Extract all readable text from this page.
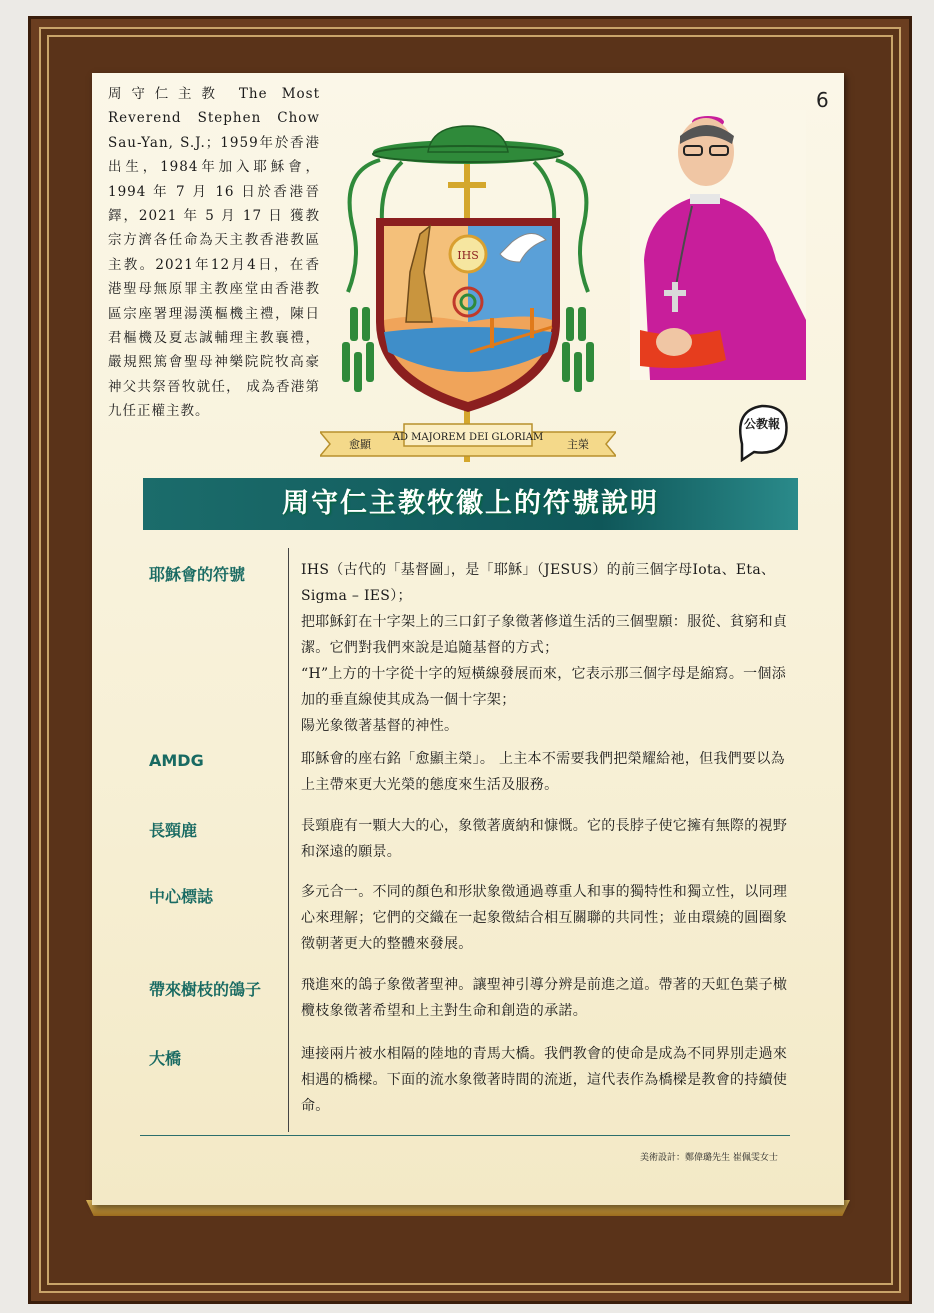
6
周守仁主教 The Most Reverend Stephen Chow Sau-Yan, S.J.；1959年於香港出生，1984年加入耶穌會，1994 年 7 月 16 日於香港晉鐸，2021 年 5 月 17 日 獲教宗方濟各任命為天主教香港教區主教。2021年12月4日，在香港聖母無原罪主教座堂由香港教區宗座署理湯漢樞機主禮，陳日君樞機及夏志誠輔理主教襄禮，嚴規熙篤會聖母神樂院院牧高豪神父共祭晉牧就任， 成為香港第九任正權主教。
IHS
AD MAJOREM DEI GLORIAM
愈顯	主榮
公教報
周守仁主教牧徽上的符號說明
耶穌會的符號	IHS（古代的「基督圖」，是「耶穌」（JESUS）的前三個字母Iota、Eta、Sigma – IES）；

把耶穌釘在十字架上的三口釘子象徵著修道生活的三個聖願：服從、貧窮和貞潔。它們對我們來說是追隨基督的方式；

“H”上方的十字從十字的短橫線發展而來，它表示那三個字母是縮寫。一個添加的垂直線使其成為一個十字架；

陽光象徵著基督的神性。

AMDG	耶穌會的座右銘「愈顯主榮」。 上主本不需要我們把榮耀給祂，但我們要以為上主帶來更大光榮的態度來生活及服務。

長頸鹿	長頸鹿有一顆大大的心，象徵著廣納和慷慨。它的長脖子使它擁有無際的視野和深遠的願景。

中心標誌	多元合一。不同的顏色和形狀象徵通過尊重人和事的獨特性和獨立性，以同理心來理解；它們的交織在一起象徵結合相互關聯的共同性；並由環繞的圓圈象徵朝著更大的整體來發展。

帶來樹枝的鴿子	飛進來的鴿子象徵著聖神。讓聖神引導分辨是前進之道。帶著的天虹色葉子橄欖枝象徵著希望和上主對生命和創造的承諾。

大橋	連接兩片被水相隔的陸地的青馬大橋。我們教會的使命是成為不同界別走過來相遇的橋樑。下面的流水象徵著時間的流逝，這代表作為橋樑是教會的持續使命。

美術設計：鄭偉璐先生 崔佩雯女士
